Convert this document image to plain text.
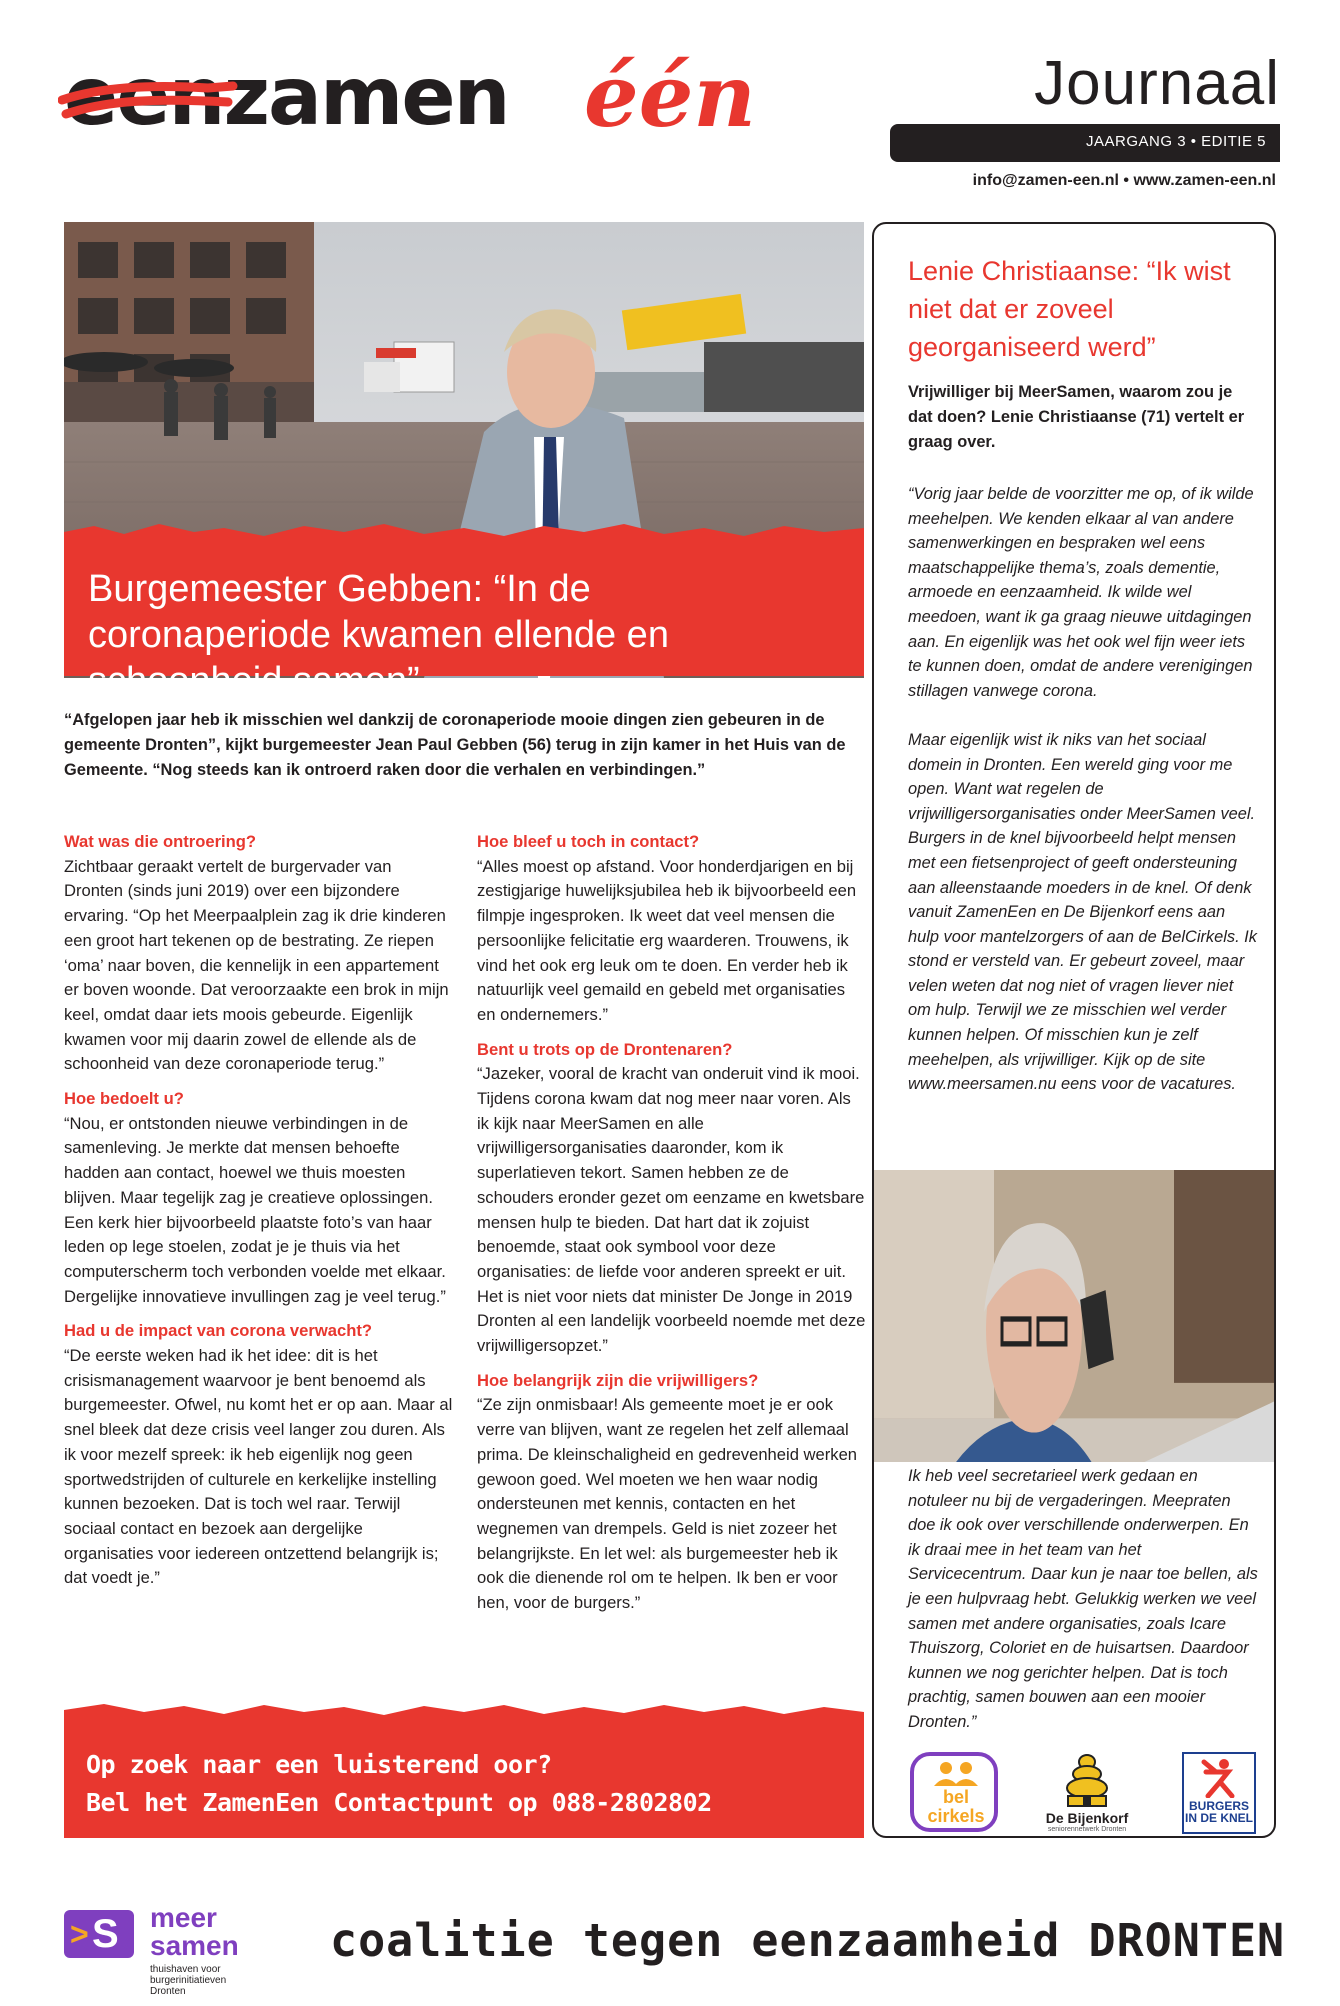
eenzamen één	Journaal
JAARGANG 3 • EDITIE 5
info@zamen-een.nl • www.zamen-een.nl
Burgemeester Gebben: “In de coronaperiode kwamen ellende en schoonheid samen”
“Afgelopen jaar heb ik misschien wel dankzij de coronaperiode mooie dingen zien gebeuren in de gemeente Dronten”, kijkt burgemeester Jean Paul Gebben (56) terug in zijn kamer in het Huis van de Gemeente. “Nog steeds kan ik ontroerd raken door die verhalen en verbindingen.”
Wat was die ontroering?

Zichtbaar geraakt vertelt de burgervader van Dronten (sinds juni 2019) over een bijzondere ervaring. “Op het Meerpaalplein zag ik drie kinderen een groot hart tekenen op de bestrating. Ze riepen ‘oma’ naar boven, die kennelijk in een appartement er boven woonde. Dat veroorzaakte een brok in mijn keel, omdat daar iets moois gebeurde. Eigenlijk kwamen voor mij daarin zowel de ellende als de schoonheid van deze coronaperiode terug.”

Hoe bedoelt u?

“Nou, er ontstonden nieuwe verbindingen in de samenleving. Je merkte dat mensen behoefte hadden aan contact, hoewel we thuis moesten blijven. Maar tegelijk zag je creatieve oplossingen. Een kerk hier bijvoorbeeld plaatste foto’s van haar leden op lege stoelen, zodat je je thuis via het computerscherm toch verbonden voelde met elkaar. Dergelijke innovatieve invullingen zag je veel terug.”

Had u de impact van corona verwacht?

“De eerste weken had ik het idee: dit is het crisismanagement waarvoor je bent benoemd als burgemeester. Ofwel, nu komt het er op aan. Maar al snel bleek dat deze crisis veel langer zou duren. Als ik voor mezelf spreek: ik heb eigenlijk nog geen sportwedstrijden of culturele en kerkelijke instelling kunnen bezoeken. Dat is toch wel raar. Terwijl sociaal contact en bezoek aan dergelijke organisaties voor iedereen ontzettend belangrijk is; dat voedt je.”

Hoe bleef u toch in contact?

“Alles moest op afstand. Voor honderdjarigen en bij zestigjarige huwelijksjubilea heb ik bijvoorbeeld een filmpje ingesproken. Ik weet dat veel mensen die persoonlijke felicitatie erg waarderen. Trouwens, ik vind het ook erg leuk om te doen. En verder heb ik natuurlijk veel gemaild en gebeld met organisaties en ondernemers.”

Bent u trots op de Drontenaren?

“Jazeker, vooral de kracht van onderuit vind ik mooi. Tijdens corona kwam dat nog meer naar voren. Als ik kijk naar MeerSamen en alle vrijwilligersorganisaties daaronder, kom ik superlatieven tekort. Samen hebben ze de schouders eronder gezet om eenzame en kwetsbare mensen hulp te bieden. Dat hart dat ik zojuist benoemde, staat ook symbool voor deze organisaties: de liefde voor anderen spreekt er uit. Het is niet voor niets dat minister De Jonge in 2019 Dronten al een landelijk voorbeeld noemde met deze vrijwilligersopzet.”

Hoe belangrijk zijn die vrijwilligers?

“Ze zijn onmisbaar! Als gemeente moet je er ook verre van blijven, want ze regelen het zelf allemaal prima. De kleinschaligheid en gedrevenheid werken gewoon goed. Wel moeten we hen waar nodig ondersteunen met kennis, contacten en het wegnemen van drempels. Geld is niet zozeer het belangrijkste. En let wel: als burgemeester heb ik ook die dienende rol om te helpen. Ik ben er voor hen, voor de burgers.”

Lenie Christiaanse: “Ik wist niet dat er zoveel georganiseerd werd”
Vrijwilliger bij MeerSamen, waarom zou je dat doen? Lenie Christiaanse (71) vertelt er graag over.

“Vorig jaar belde de voorzitter me op, of ik wilde meehelpen. We kenden elkaar al van andere samenwerkingen en bespraken wel eens maatschappelijke thema’s, zoals dementie, armoede en eenzaamheid. Ik wilde wel meedoen, want ik ga graag nieuwe uitdagingen aan. En eigenlijk was het ook wel fijn weer iets te kunnen doen, omdat de andere verenigingen stillagen vanwege corona.

Maar eigenlijk wist ik niks van het sociaal domein in Dronten. Een wereld ging voor me open. Want wat regelen de vrijwilligersorganisaties onder MeerSamen veel. Burgers in de knel bijvoorbeeld helpt mensen met een fietsenproject of geeft ondersteuning aan alleenstaande moeders in de knel. Of denk vanuit ZamenEen en De Bijenkorf eens aan hulp voor mantelzorgers of aan de BelCirkels. Ik stond er versteld van. Er gebeurt zoveel, maar velen weten dat nog niet of vragen liever niet om hulp. Terwijl we ze misschien wel verder kunnen helpen. Of misschien kun je zelf meehelpen, als vrijwilliger. Kijk op de site www.meersamen.nu eens voor de vacatures.

Ik heb veel secretarieel werk gedaan en notuleer nu bij de vergaderingen. Meepraten doe ik ook over verschillende onderwerpen. En ik draai mee in het team van het Servicecentrum. Daar kun je naar toe bellen, als je een hulpvraag hebt. Gelukkig werken we veel samen met andere organisaties, zoals Icare Thuiszorg, Coloriet en de huisartsen. Daardoor kunnen we nog gerichter helpen. Dat is toch prachtig, samen bouwen aan een mooier Dronten.”
bel
cirkels	De Bijenkorf
seniorennetwerk Dronten
BURGERS
IN DE KNEL
Op zoek naar een luisterend oor?
Bel het ZamenEen Contactpunt op 088-2802802
> S meer
samen
thuishaven voor
burgerinitiatieven Dronten
coalitie tegen eenzaamheid DRONTEN
